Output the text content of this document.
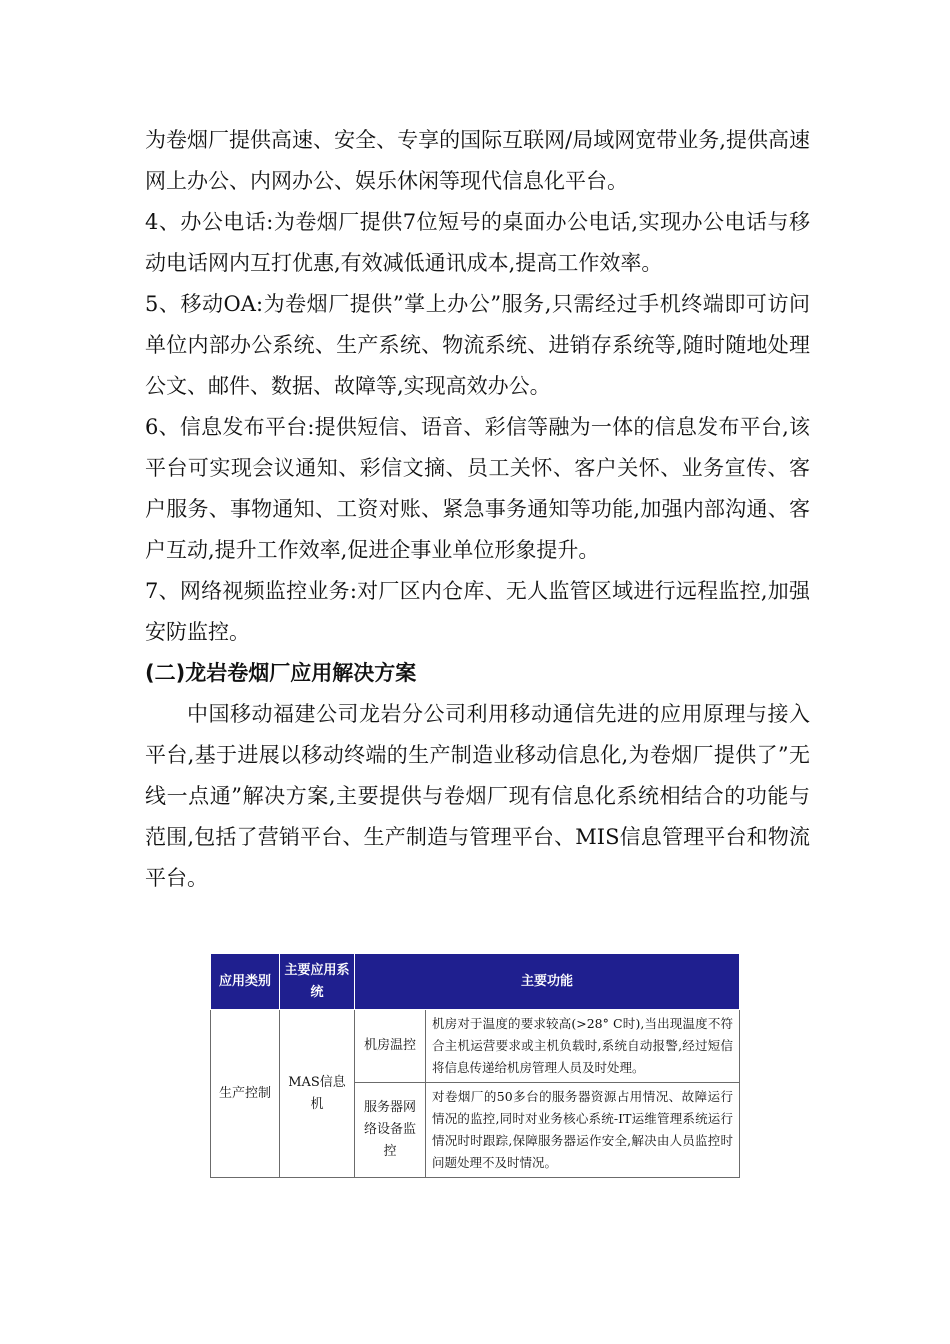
为卷烟厂提供高速、安全、专享的国际互联网/局域网宽带业务,提供高速网上办公、内网办公、娱乐休闲等现代信息化平台。

4、办公电话:为卷烟厂提供7位短号的桌面办公电话,实现办公电话与移动电话网内互打优惠,有效减低通讯成本,提高工作效率。

5、移动OA:为卷烟厂提供”掌上办公”服务,只需经过手机终端即可访问单位内部办公系统、生产系统、物流系统、进销存系统等,随时随地处理公文、邮件、数据、故障等,实现高效办公。

6、信息发布平台:提供短信、语音、彩信等融为一体的信息发布平台,该平台可实现会议通知、彩信文摘、员工关怀、客户关怀、业务宣传、客户服务、事物通知、工资对账、紧急事务通知等功能,加强内部沟通、客户互动,提升工作效率,促进企事业单位形象提升。

7、网络视频监控业务:对厂区内仓库、无人监管区域进行远程监控,加强安防监控。

(二)龙岩卷烟厂应用解决方案

中国移动福建公司龙岩分公司利用移动通信先进的应用原理与接入平台,基于进展以移动终端的生产制造业移动信息化,为卷烟厂提供了”无线一点通”解决方案,主要提供与卷烟厂现有信息化系统相结合的功能与范围,包括了营销平台、生产制造与管理平台、MIS信息管理平台和物流平台。

应用类别	主要应用系统	主要功能	
生产控制	MAS信息机	机房温控	机房对于温度的要求较高(>28° C时),当出现温度不符合主机运营要求或主机负载时,系统自动报警,经过短信将信息传递给机房管理人员及时处理。
		服务器网络设备监控	对卷烟厂的50多台的服务器资源占用情况、故障运行情况的监控,同时对业务核心系统-IT运维管理系统运行情况时时跟踪,保障服务器运作安全,解决由人员监控时问题处理不及时情况。
